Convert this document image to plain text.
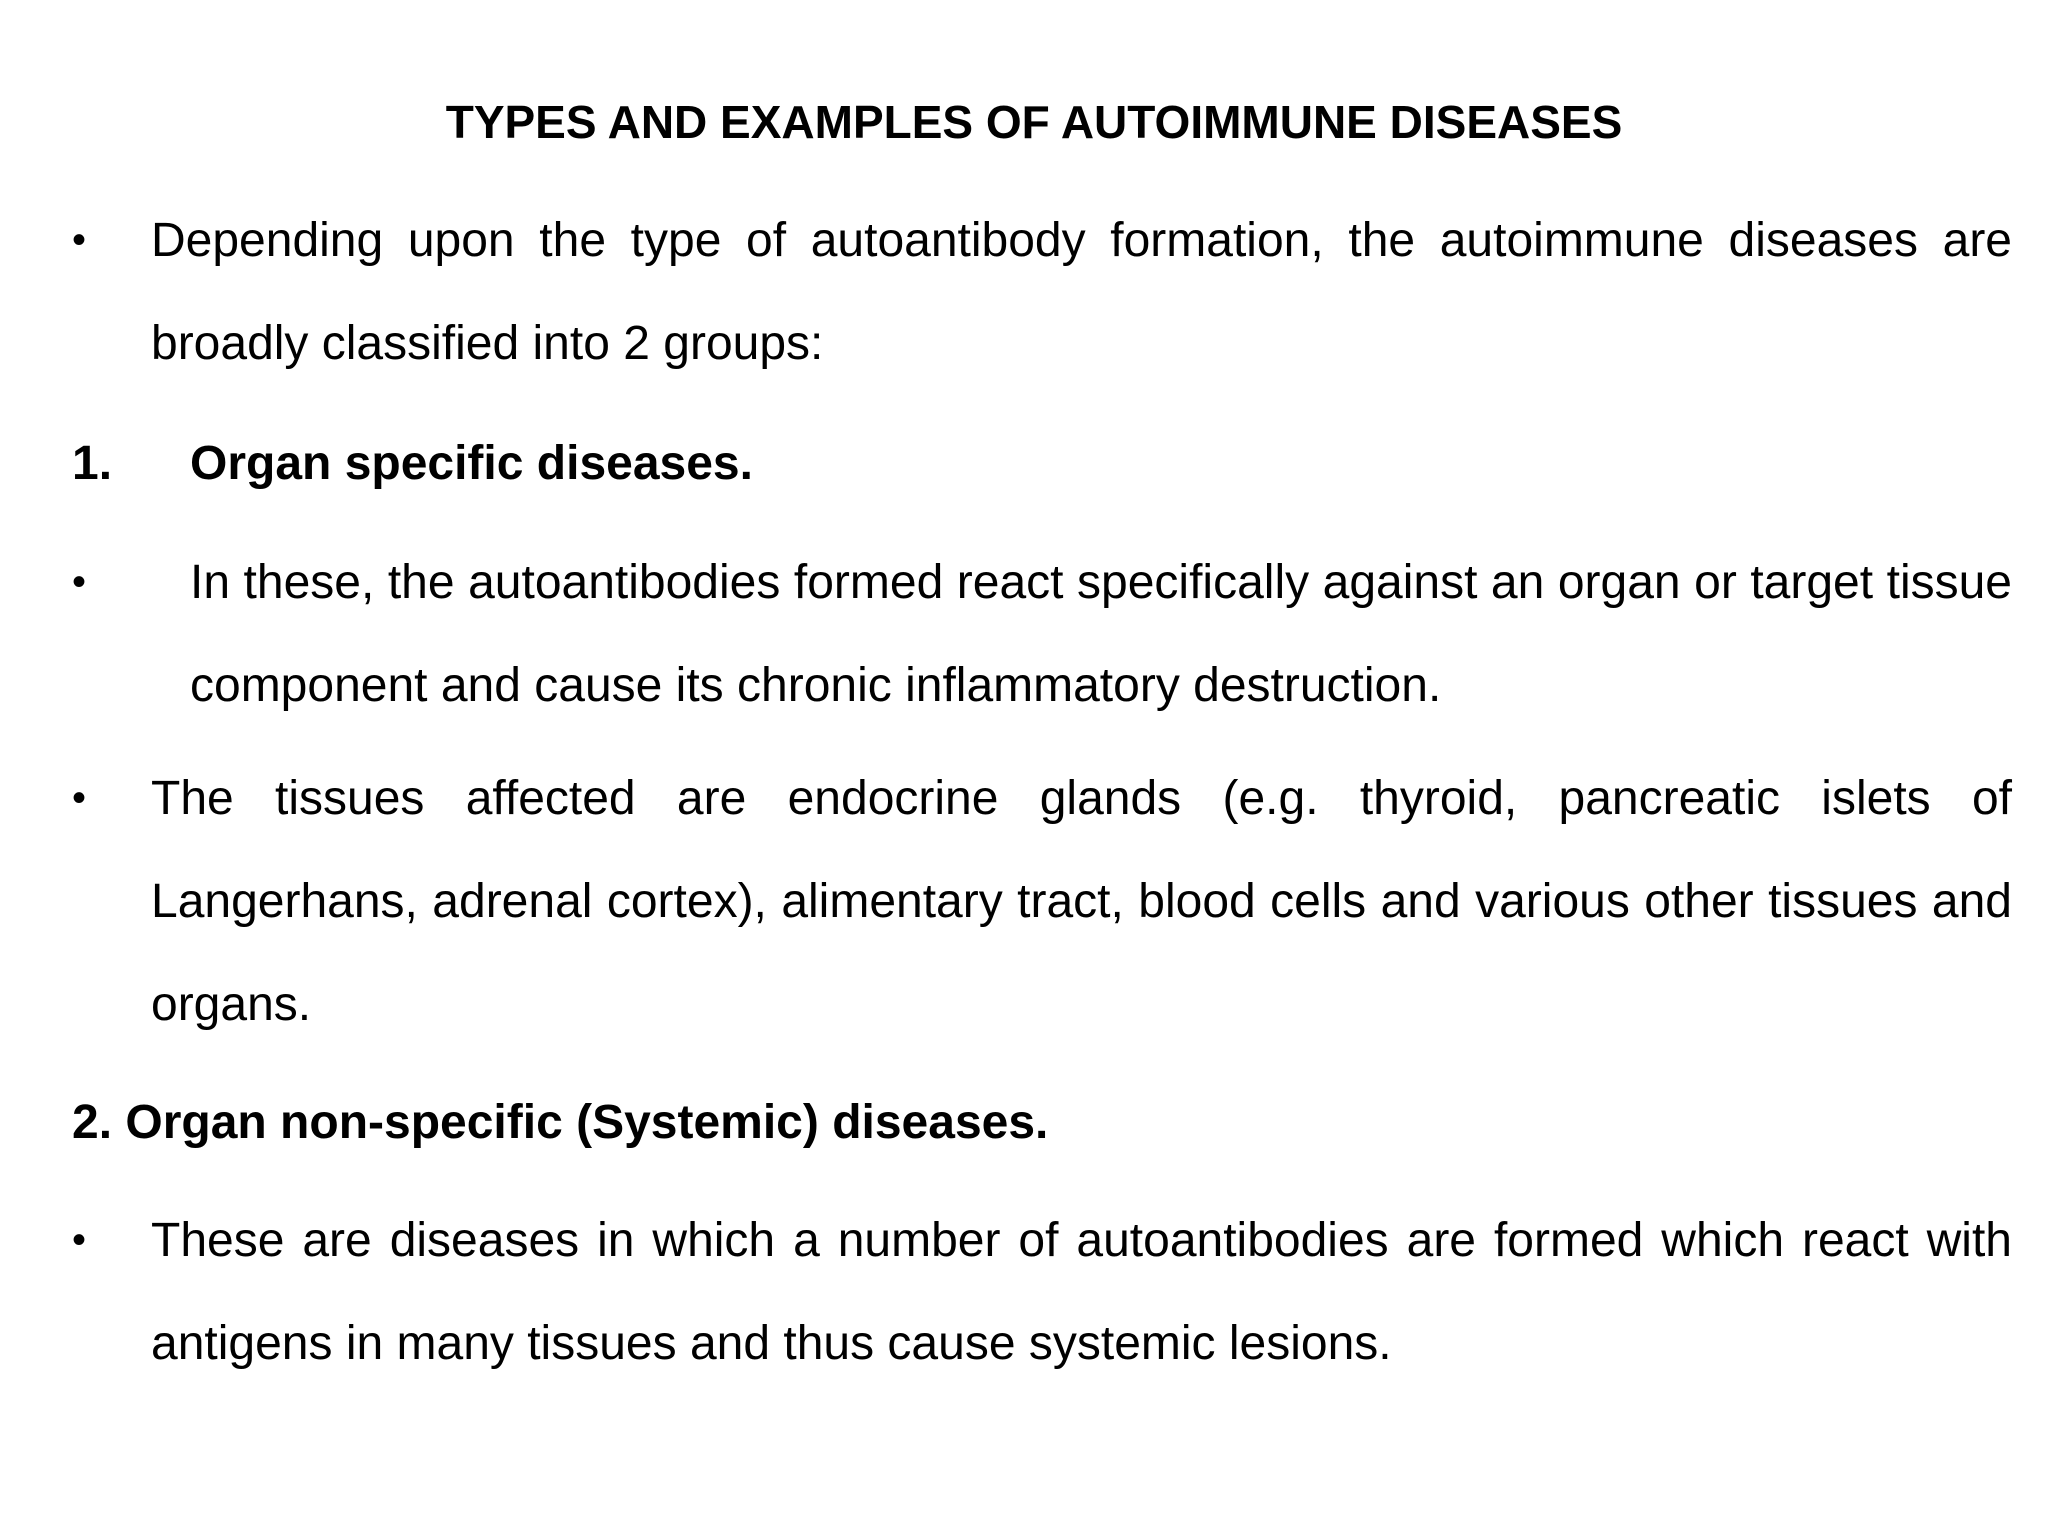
TYPES AND EXAMPLES OF AUTOIMMUNE DISEASES
• Depending upon the type of autoantibody formation, the autoimmune diseases are broadly classified into 2 groups:
1. Organ specific diseases.
• In these, the autoantibodies formed react specifically against an organ or target tissue component and cause its chronic inflammatory destruction.
• The tissues affected are endocrine glands (e.g. thyroid, pancreatic islets of Langerhans, adrenal cortex), alimentary tract, blood cells and various other tissues and organs.
2. Organ non-specific (Systemic) diseases.
• These are diseases in which a number of autoantibodies are formed which react with antigens in many tissues and thus cause systemic lesions.
